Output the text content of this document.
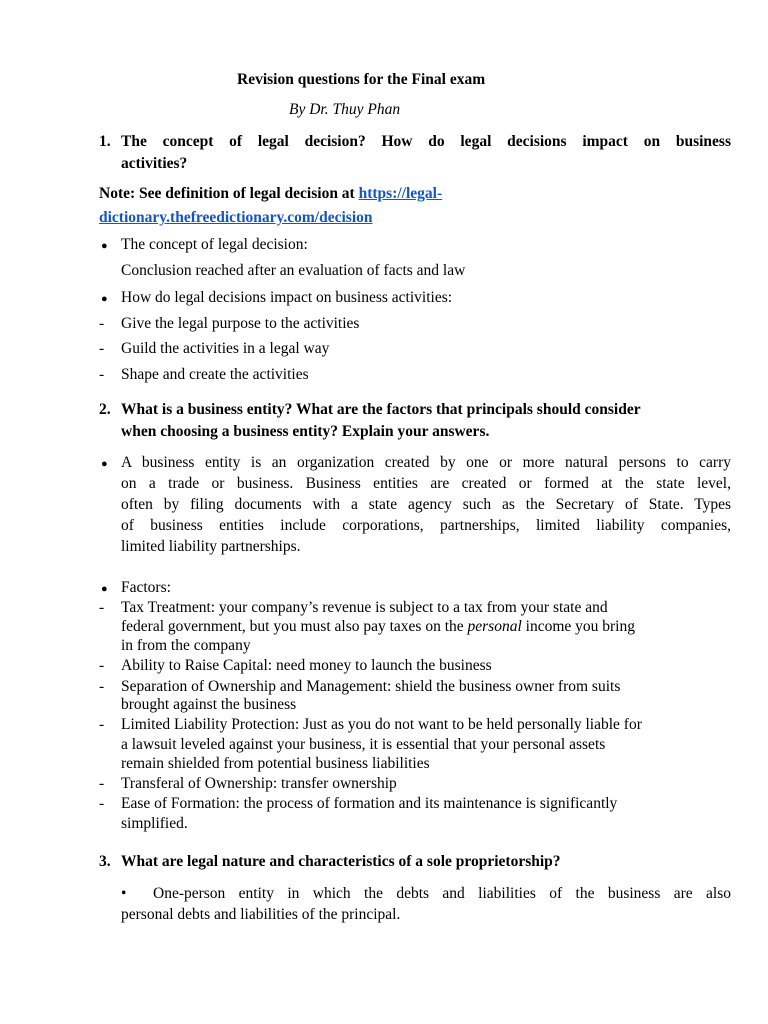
Revision questions for the Final exam
By Dr. Thuy Phan
1. The concept of legal decision? How do legal decisions impact on business
activities?
Note: See definition of legal decision at https://legal-
dictionary.thefreedictionary.com/decision
● The concept of legal decision:
Conclusion reached after an evaluation of facts and law
● How do legal decisions impact on business activities:
- Give the legal purpose to the activities
- Guild the activities in a legal way
- Shape and create the activities
2. What is a business entity? What are the factors that principals should consider
when choosing a business entity? Explain your answers.
● A business entity is an organization created by one or more natural persons to carry
on a trade or business. Business entities are created or formed at the state level,
often by filing documents with a state agency such as the Secretary of State. Types
of business entities include corporations, partnerships, limited liability companies,
limited liability partnerships.
● Factors:
- Tax Treatment: your company’s revenue is subject to a tax from your state and
federal government, but you must also pay taxes on the personal income you bring
in from the company
- Ability to Raise Capital: need money to launch the business
- Separation of Ownership and Management: shield the business owner from suits
brought against the business
- Limited Liability Protection: Just as you do not want to be held personally liable for
a lawsuit leveled against your business, it is essential that your personal assets
remain shielded from potential business liabilities
- Transferal of Ownership: transfer ownership
- Ease of Formation: the process of formation and its maintenance is significantly
simplified.
3. What are legal nature and characteristics of a sole proprietorship?
• One-person entity in which the debts and liabilities of the business are also
personal debts and liabilities of the principal.
